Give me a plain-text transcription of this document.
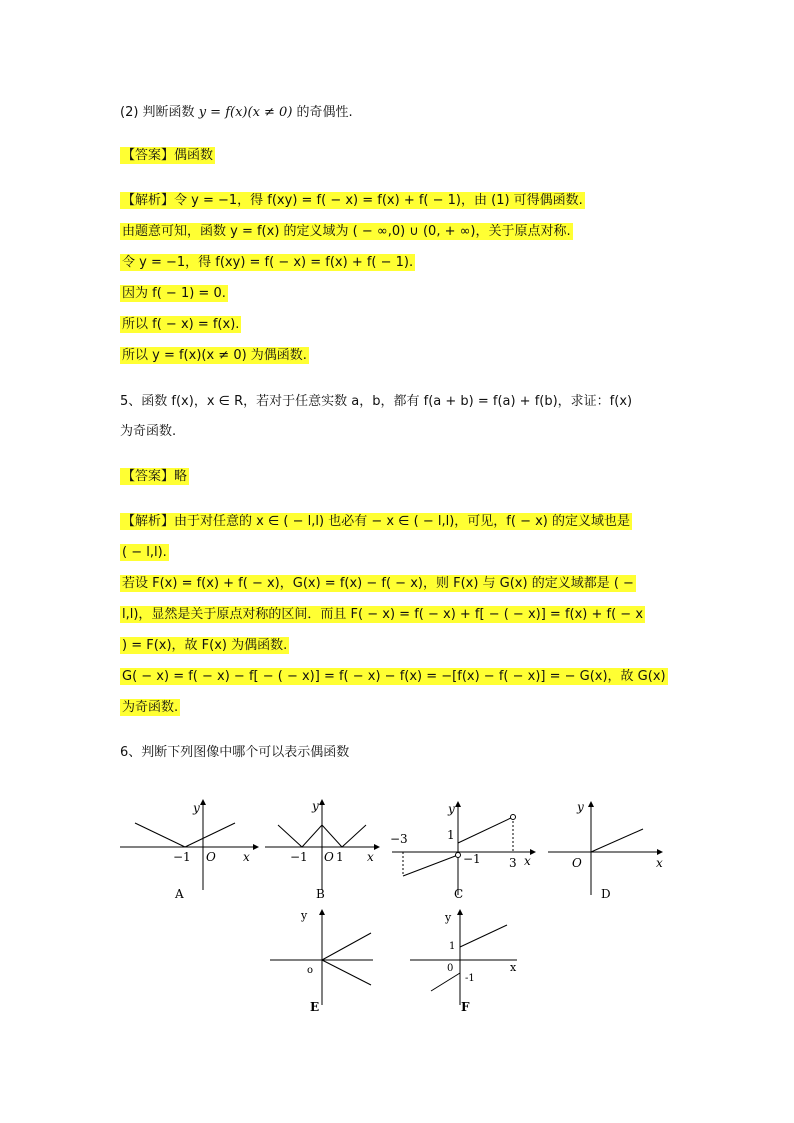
(2) 判断函数 y = f(x)(x ≠ 0) 的奇偶性.
【答案】偶函数
【解析】令 y = −1，得 f(xy) = f( − x) = f(x) + f( − 1)，由 (1) 可得偶函数.
由题意可知，函数 y = f(x) 的定义域为 ( − ∞,0) ∪ (0, + ∞)，关于原点对称.
令 y = −1，得 f(xy) = f( − x) = f(x) + f( − 1).
因为 f( − 1) = 0.
所以 f( − x) = f(x).
所以 y = f(x)(x ≠ 0) 为偶函数.
5、函数 f(x)，x ∈ R，若对于任意实数 a，b，都有 f(a + b) = f(a) + f(b)，求证：f(x)
为奇函数.
【答案】略
【解析】由于对任意的 x ∈ ( − l,l) 也必有 − x ∈ ( − l,l)，可见，f( − x) 的定义域也是
( − l,l).
若设 F(x) = f(x) + f( − x)，G(x) = f(x) − f( − x)，则 F(x) 与 G(x) 的定义域都是 ( −
l,l)，显然是关于原点对称的区间．而且 F( − x) = f( − x) + f[ − ( − x)] = f(x) + f( − x
) = F(x)，故 F(x) 为偶函数.
G( − x) = f( − x) − f[ − ( − x)] = f( − x) − f(x) = −[f(x) − f( − x)] = − G(x)，故 G(x)
为奇函数.
6、判断下列图像中哪个可以表示偶函数
y
x
O
−1
A
y
x
O
−1 1
B
y
x
−3	1
−1 3
C
y
x
O
D
y
o
E
y
x
0
1
-1
F
